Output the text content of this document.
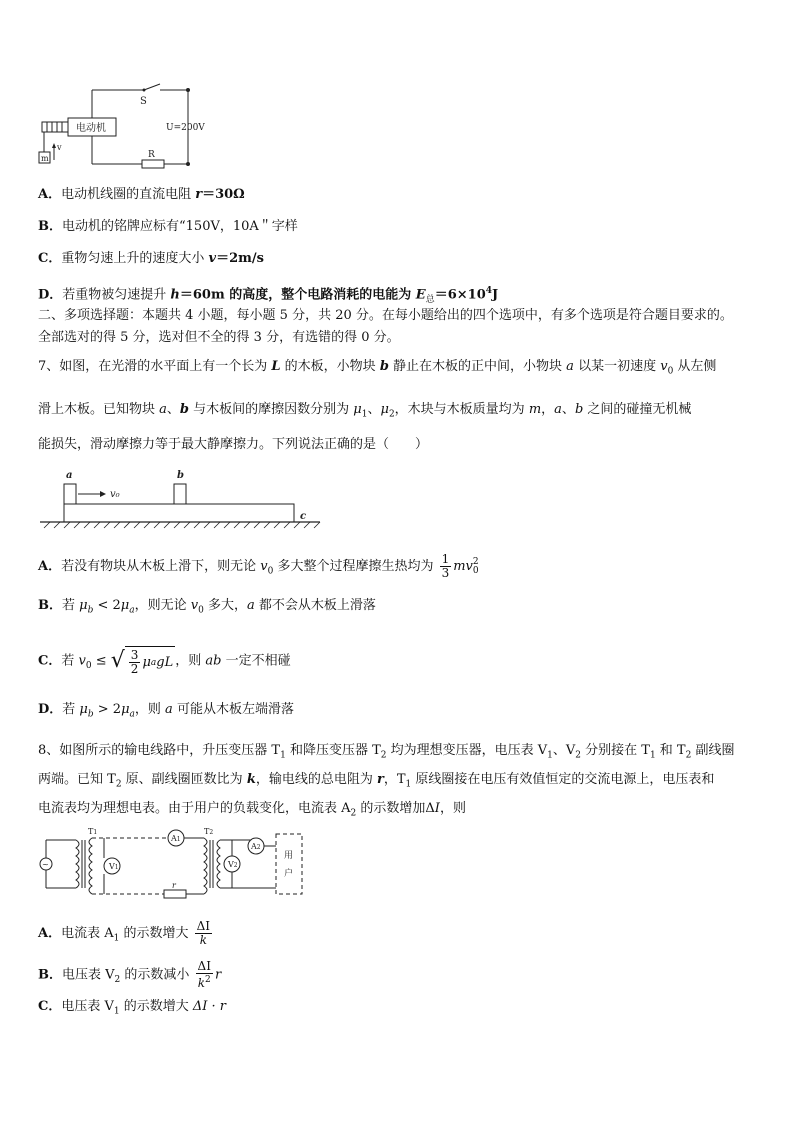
电动机
S
U=200V
R
m
v
A．电动机线圈的直流电阻 r＝30Ω
B．电动机的铭牌应标有“150V，10A＂字样
C．重物匀速上升的速度大小 v＝2m/s
D．若重物被匀速提升 h＝60m 的高度，整个电路消耗的电能为 $E_总=6\times 10^4J$
二、多项选择题：本题共 4 小题，每小题 5 分，共 20 分。在每小题给出的四个选项中，有多个选项是符合题目要求的。
全部选对的得 5 分，选对但不全的得 3 分，有选错的得 0 分。
7、如图，在光滑的水平面上有一个长为 L 的木板，小物块 b 静止在木板的正中间，小物块 a 以某一初速度 $v_0$ 从左侧
滑上木板。已知物块 a、b 与木板间的摩擦因数分别为 $\mu_1$、$\mu_2$，木块与木板质量均为 m，a、b 之间的碰撞无机械
能损失，滑动摩擦力等于最大静摩擦力。下列说法正确的是（　　）
a	b
v₀
c
A．若没有物块从木板上滑下，则无论 $v_0$ 多大整个过程摩擦生热均为 $\frac{1}{3}$ mv 2
0
B．若 $\mu_b < 2\mu_a$，则无论 $v_0$ 多大，a 都不会从木板上滑落
C．若 $v_0$ ≤ √ $\frac{3}{2}$ μ a gL ，则 ab 一定不相碰
D．若 $\mu_b > 2\mu_a$，则 a 可能从木板左端滑落
8、如图所示的输电线路中，升压变压器 $T_1$ 和降压变压器 $T_2$ 均为理想变压器，电压表 $V_1$、$V_2$ 分别接在 $T_1$ 和 $T_2$ 副线圈
两端。已知 $T_2$ 原、副线圈匝数比为 k，输电线的总电阻为 r，$T_1$ 原线圈接在电压有效值恒定的交流电源上，电压表和
电流表均为理想电表。由于用户的负载变化，电流表 $A_2$ 的示数增加ΔI，则
~	V1
A1
V2
A2
T1	T2
r
用
户
A．电流表 $A_1$ 的示数增大 $\frac{\Delta I}{k}$
B．电压表 $V_2$ 的示数减小 $\frac{\Delta I}{k^2}$ r
C．电压表 $V_1$ 的示数增大 ΔI · r
